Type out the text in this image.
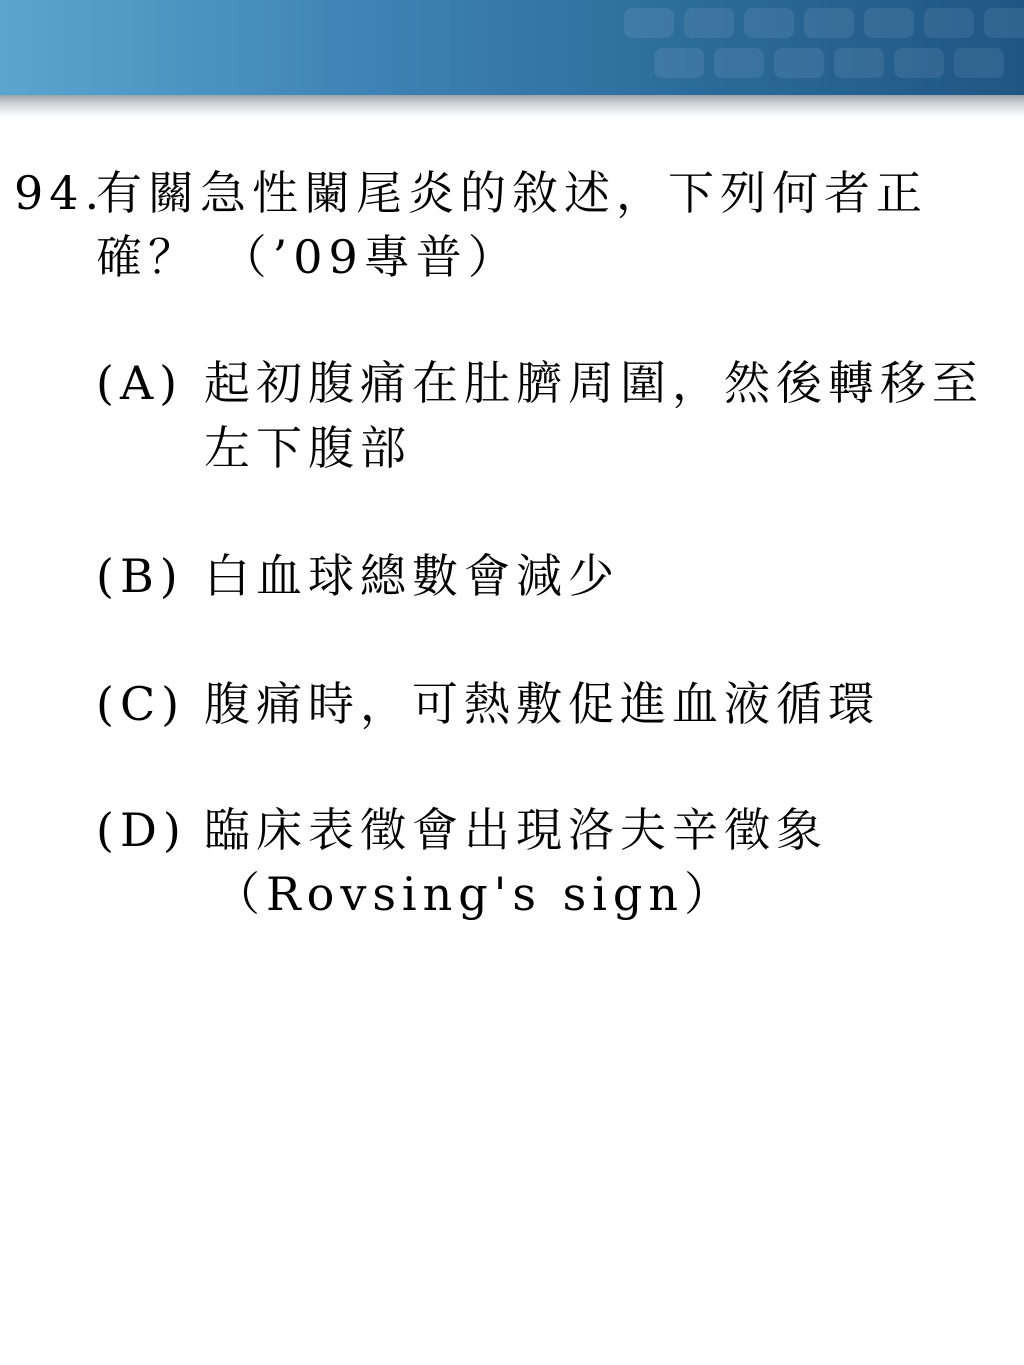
94.
有關急性闌尾炎的敘述，下列何者正
確？ （’09專普）
(A) 起初腹痛在肚臍周圍，然後轉移至
左下腹部
(B) 白血球總數會減少
(C) 腹痛時，可熱敷促進血液循環
(D) 臨床表徵會出現洛夫辛徵象
（Rovsing's sign）
